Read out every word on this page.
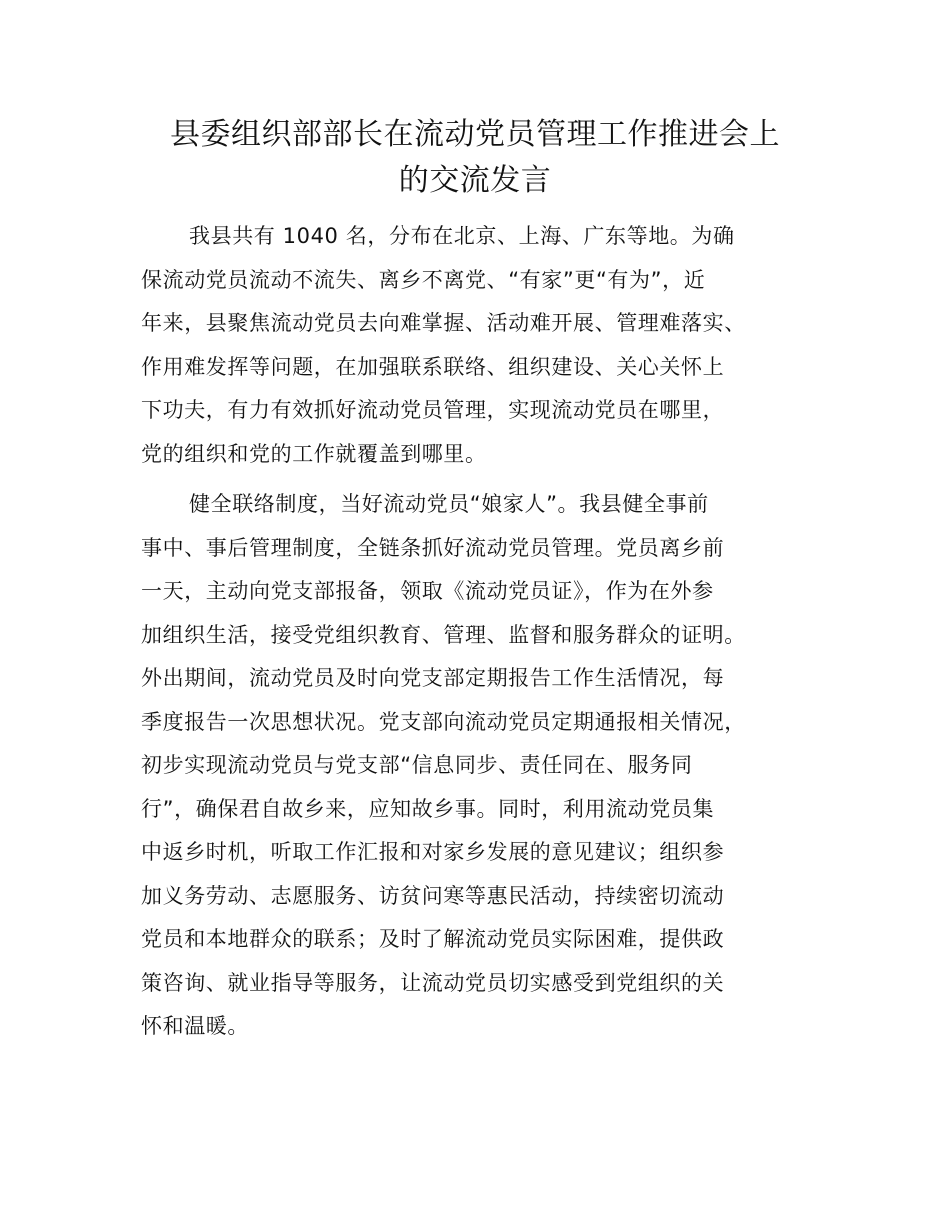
县委组织部部长在流动党员管理工作推进会上
的交流发言

我县共有 1040 名，分布在北京、上海、广东等地。为确
保流动党员流动不流失、离乡不离党、“有家”更“有为”，近
年来，县聚焦流动党员去向难掌握、活动难开展、管理难落实、
作用难发挥等问题，在加强联系联络、组织建设、关心关怀上
下功夫，有力有效抓好流动党员管理，实现流动党员在哪里，
党的组织和党的工作就覆盖到哪里。

健全联络制度，当好流动党员“娘家人”。我县健全事前
事中、事后管理制度，全链条抓好流动党员管理。党员离乡前
一天，主动向党支部报备，领取《流动党员证》，作为在外参
加组织生活，接受党组织教育、管理、监督和服务群众的证明。
外出期间，流动党员及时向党支部定期报告工作生活情况，每
季度报告一次思想状况。党支部向流动党员定期通报相关情况，
初步实现流动党员与党支部“信息同步、责任同在、服务同
行”，确保君自故乡来，应知故乡事。同时，利用流动党员集
中返乡时机，听取工作汇报和对家乡发展的意见建议；组织参
加义务劳动、志愿服务、访贫问寒等惠民活动，持续密切流动
党员和本地群众的联系；及时了解流动党员实际困难，提供政
策咨询、就业指导等服务，让流动党员切实感受到党组织的关
怀和温暖。
